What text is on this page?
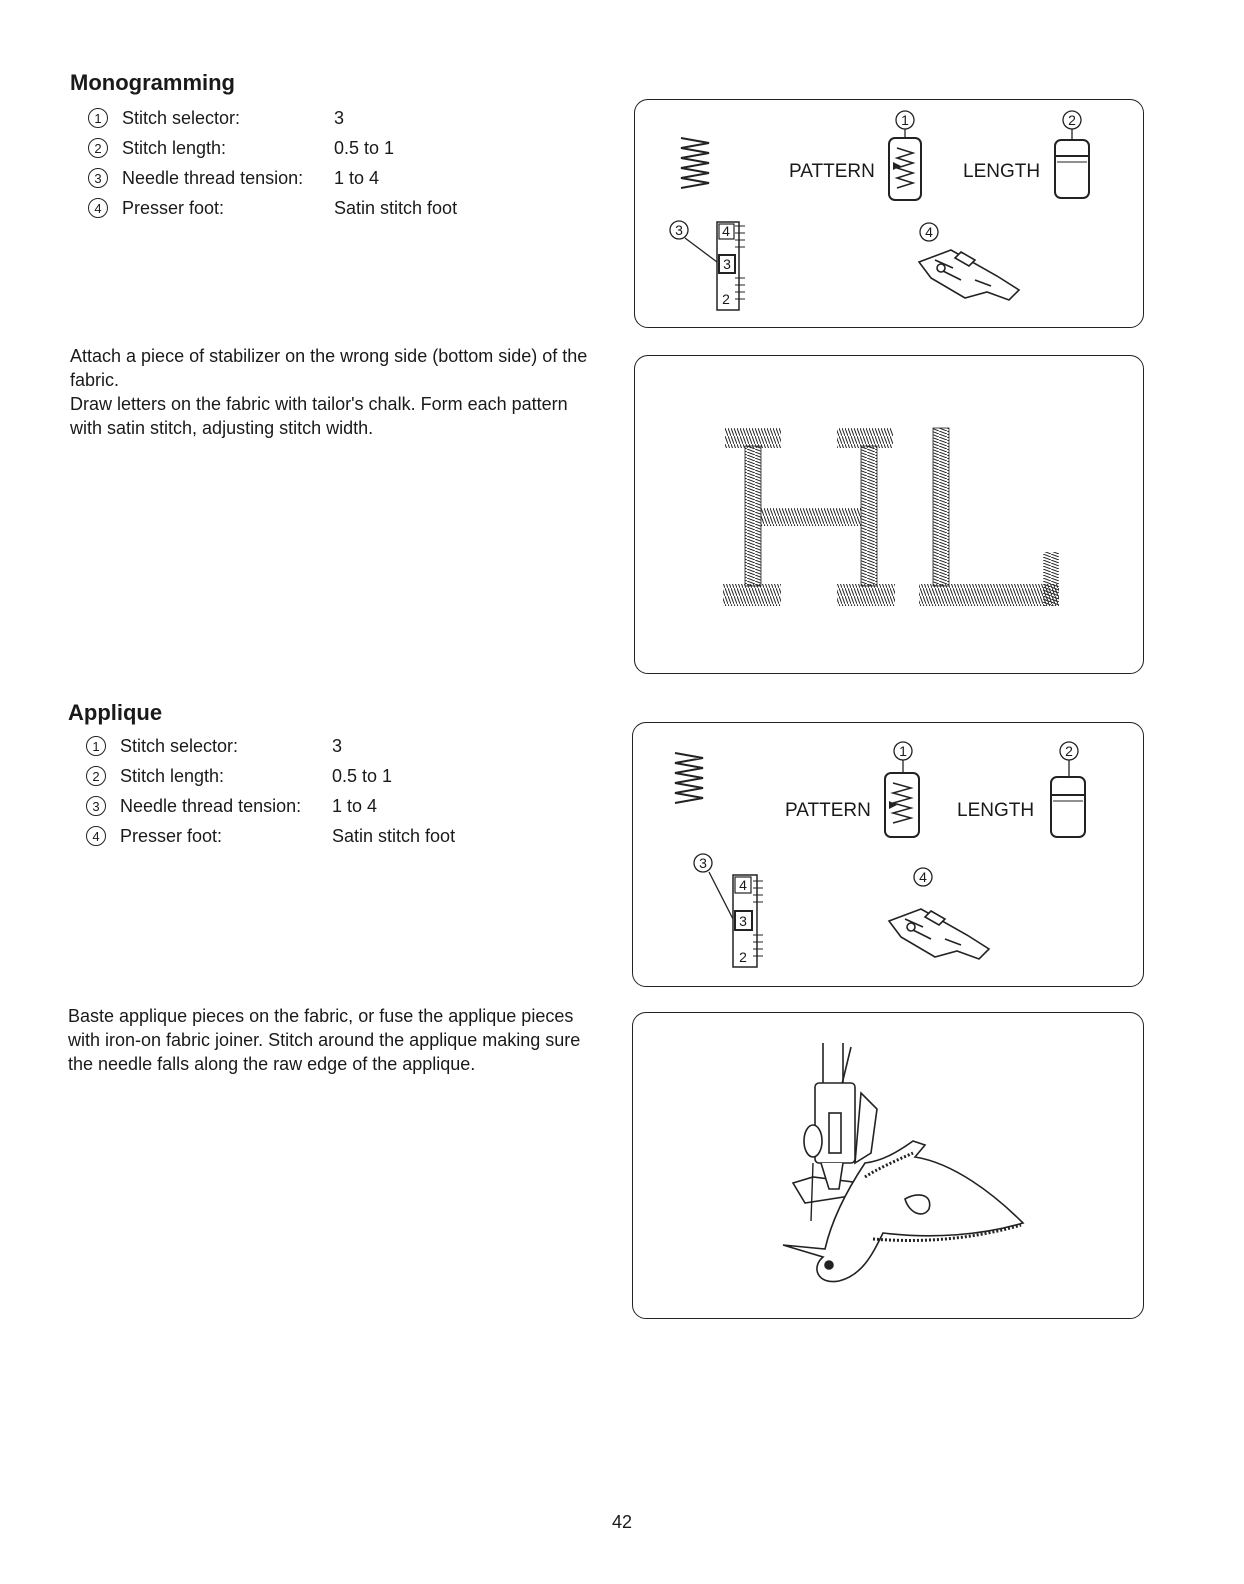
Monogramming
1	Stitch selector:	3
2	Stitch length:	0.5 to 1
3	Needle thread tension:	1 to 4
4	Presser foot:	Satin stitch foot

Attach a piece of stabilizer on the wrong side (bottom side) of the fabric.

Draw letters on the fabric with tailor's chalk. Form each pattern with satin stitch, adjusting stitch width.

1
PATTERN
2
LENGTH
3	4
3
2
4
Applique
1	Stitch selector:	3
2	Stitch length:	0.5 to 1
3	Needle thread tension:	1 to 4
4	Presser foot:	Satin stitch foot

Baste applique pieces on the fabric, or fuse the applique pieces with iron-on fabric joiner. Stitch around the applique making sure the needle falls along the raw edge of the applique.

1
PATTERN
2
LENGTH
3
4
3
2
4
42
